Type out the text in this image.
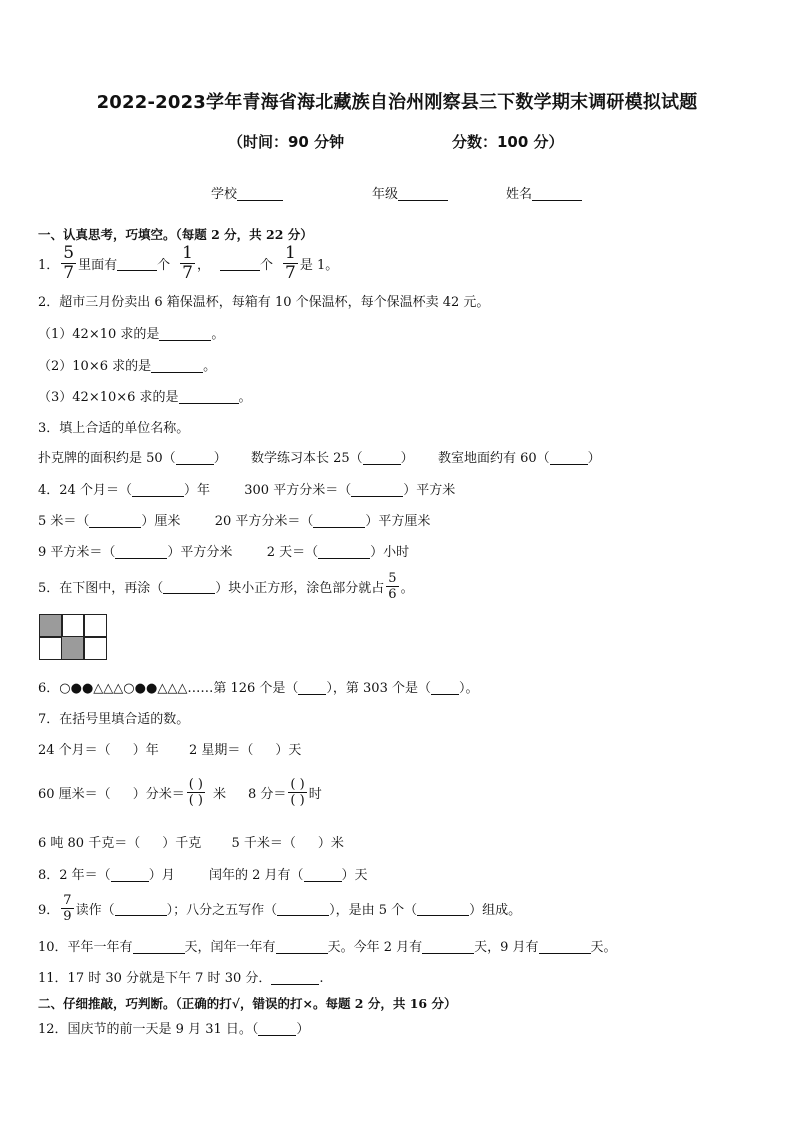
2022-2023学年青海省海北藏族自治州刚察县三下数学期末调研模拟试题
（时间：90 分钟	分数：100 分）
学校	年级	姓名
一、认真思考，巧填空。（每题 2 分，共 22 分）
1． $\frac{5}{7}$ 里面有	个 $\frac{1}{7}$ ，	个 $\frac{1}{7}$ 是 1。
2．超市三月份卖出 6 箱保温杯，每箱有 10 个保温杯，每个保温杯卖 42 元。
（1）42×10 求的是	。
（2）10×6 求的是	。
（3）42×10×6 求的是	。
3．填上合适的单位名称。
扑克牌的面积约是 50（	） 数学练习本长 25（	） 教室地面约有 60（	）
4．24 个月＝（	）年	300 平方分米＝（	）平方米
5 米＝（	）厘米	20 平方分米＝（	）平方厘米
9 平方米＝（	）平方分米	2 天＝（	）小时
5．在下图中，再涂（	）块小正方形，涂色部分就占 $\frac{5}{6}$ 。
6．○●●△△△○●●△△△……第 126 个是（ ），第 303 个是（ ）。
7．在括号里填合适的数。
24 个月＝（ ）年 2 星期＝（ ）天
60 厘米＝（ ）分米＝ $\frac{( )}{( )}$ 米 8 分＝ $\frac{( )}{( )}$ 时
6 吨 80 千克＝（ ）千克 5 千米＝（ ）米
8．2 年＝（	）月	闰年的 2 月有（	）天
9． $\frac{7}{9}$ 读作（	）；八分之五写作（	），是由 5 个（	）组成。
10．平年一年有	天，闰年一年有	天。今年 2 月有	天，9 月有	天。
11．17 时 30 分就是下午 7 时 30 分．	.
二、仔细推敲，巧判断。（正确的打√，错误的打×。每题 2 分，共 16 分）
12．国庆节的前一天是 9 月 31 日。（	）
